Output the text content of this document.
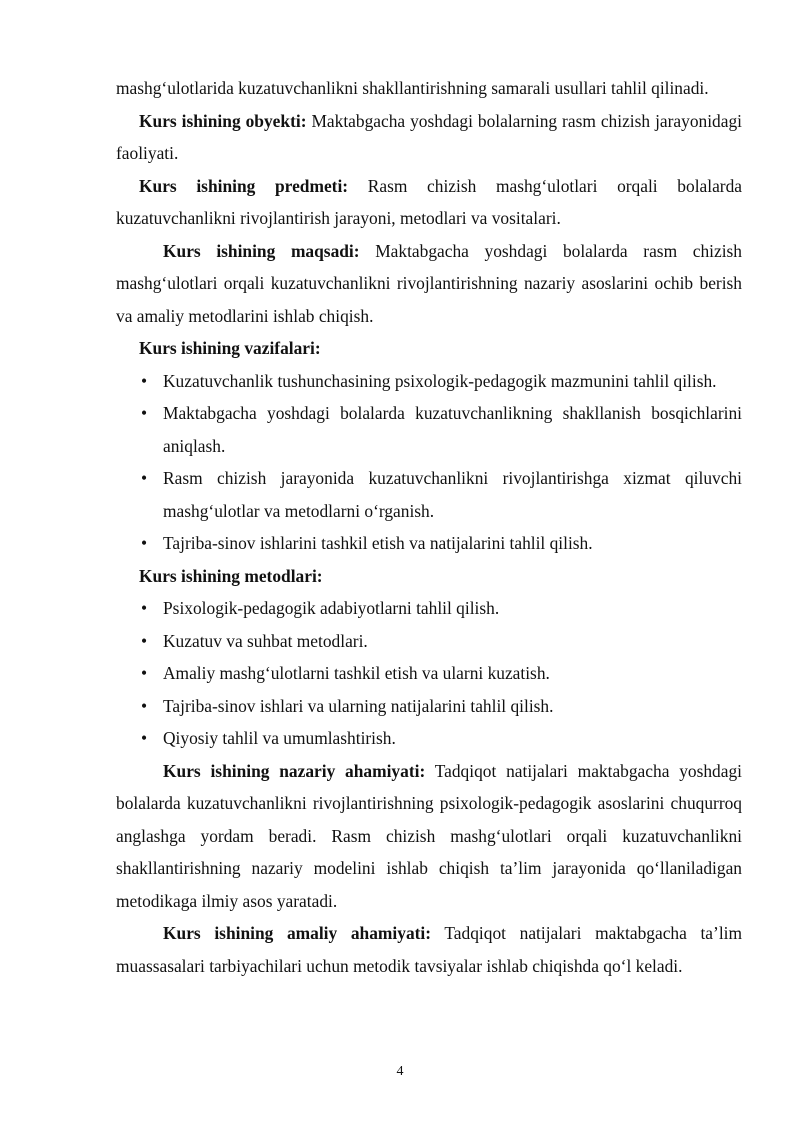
mashg‘ulotlarida kuzatuvchanlikni shakllantirishning samarali usullari tahlil qilinadi.

Kurs ishining obyekti: Maktabgacha yoshdagi bolalarning rasm chizish jarayonidagi faoliyati.

Kurs ishining predmeti: Rasm chizish mashg‘ulotlari orqali bolalarda kuzatuvchanlikni rivojlantirish jarayoni, metodlari va vositalari.

Kurs ishining maqsadi: Maktabgacha yoshdagi bolalarda rasm chizish mashg‘ulotlari orqali kuzatuvchanlikni rivojlantirishning nazariy asoslarini ochib berish va amaliy metodlarini ishlab chiqish.

Kurs ishining vazifalari:
• Kuzatuvchanlik tushunchasining psixologik-pedagogik mazmunini tahlil qilish.
• Maktabgacha yoshdagi bolalarda kuzatuvchanlikning shakllanish bosqichlarini aniqlash.
• Rasm chizish jarayonida kuzatuvchanlikni rivojlantirishga xizmat qiluvchi mashg‘ulotlar va metodlarni o‘rganish.
• Tajriba-sinov ishlarini tashkil etish va natijalarini tahlil qilish.
Kurs ishining metodlari:
• Psixologik-pedagogik adabiyotlarni tahlil qilish.
• Kuzatuv va suhbat metodlari.
• Amaliy mashg‘ulotlarni tashkil etish va ularni kuzatish.
• Tajriba-sinov ishlari va ularning natijalarini tahlil qilish.
• Qiyosiy tahlil va umumlashtirish.

Kurs ishining nazariy ahamiyati: Tadqiqot natijalari maktabgacha yoshdagi bolalarda kuzatuvchanlikni rivojlantirishning psixologik-pedagogik asoslarini chuqurroq anglashga yordam beradi. Rasm chizish mashg‘ulotlari orqali kuzatuvchanlikni shakllantirishning nazariy modelini ishlab chiqish ta’lim jarayonida qo‘llaniladigan metodikaga ilmiy asos yaratadi.

Kurs ishining amaliy ahamiyati: Tadqiqot natijalari maktabgacha ta’lim muassasalari tarbiyachilari uchun metodik tavsiyalar ishlab chiqishda qo‘l keladi.

4
